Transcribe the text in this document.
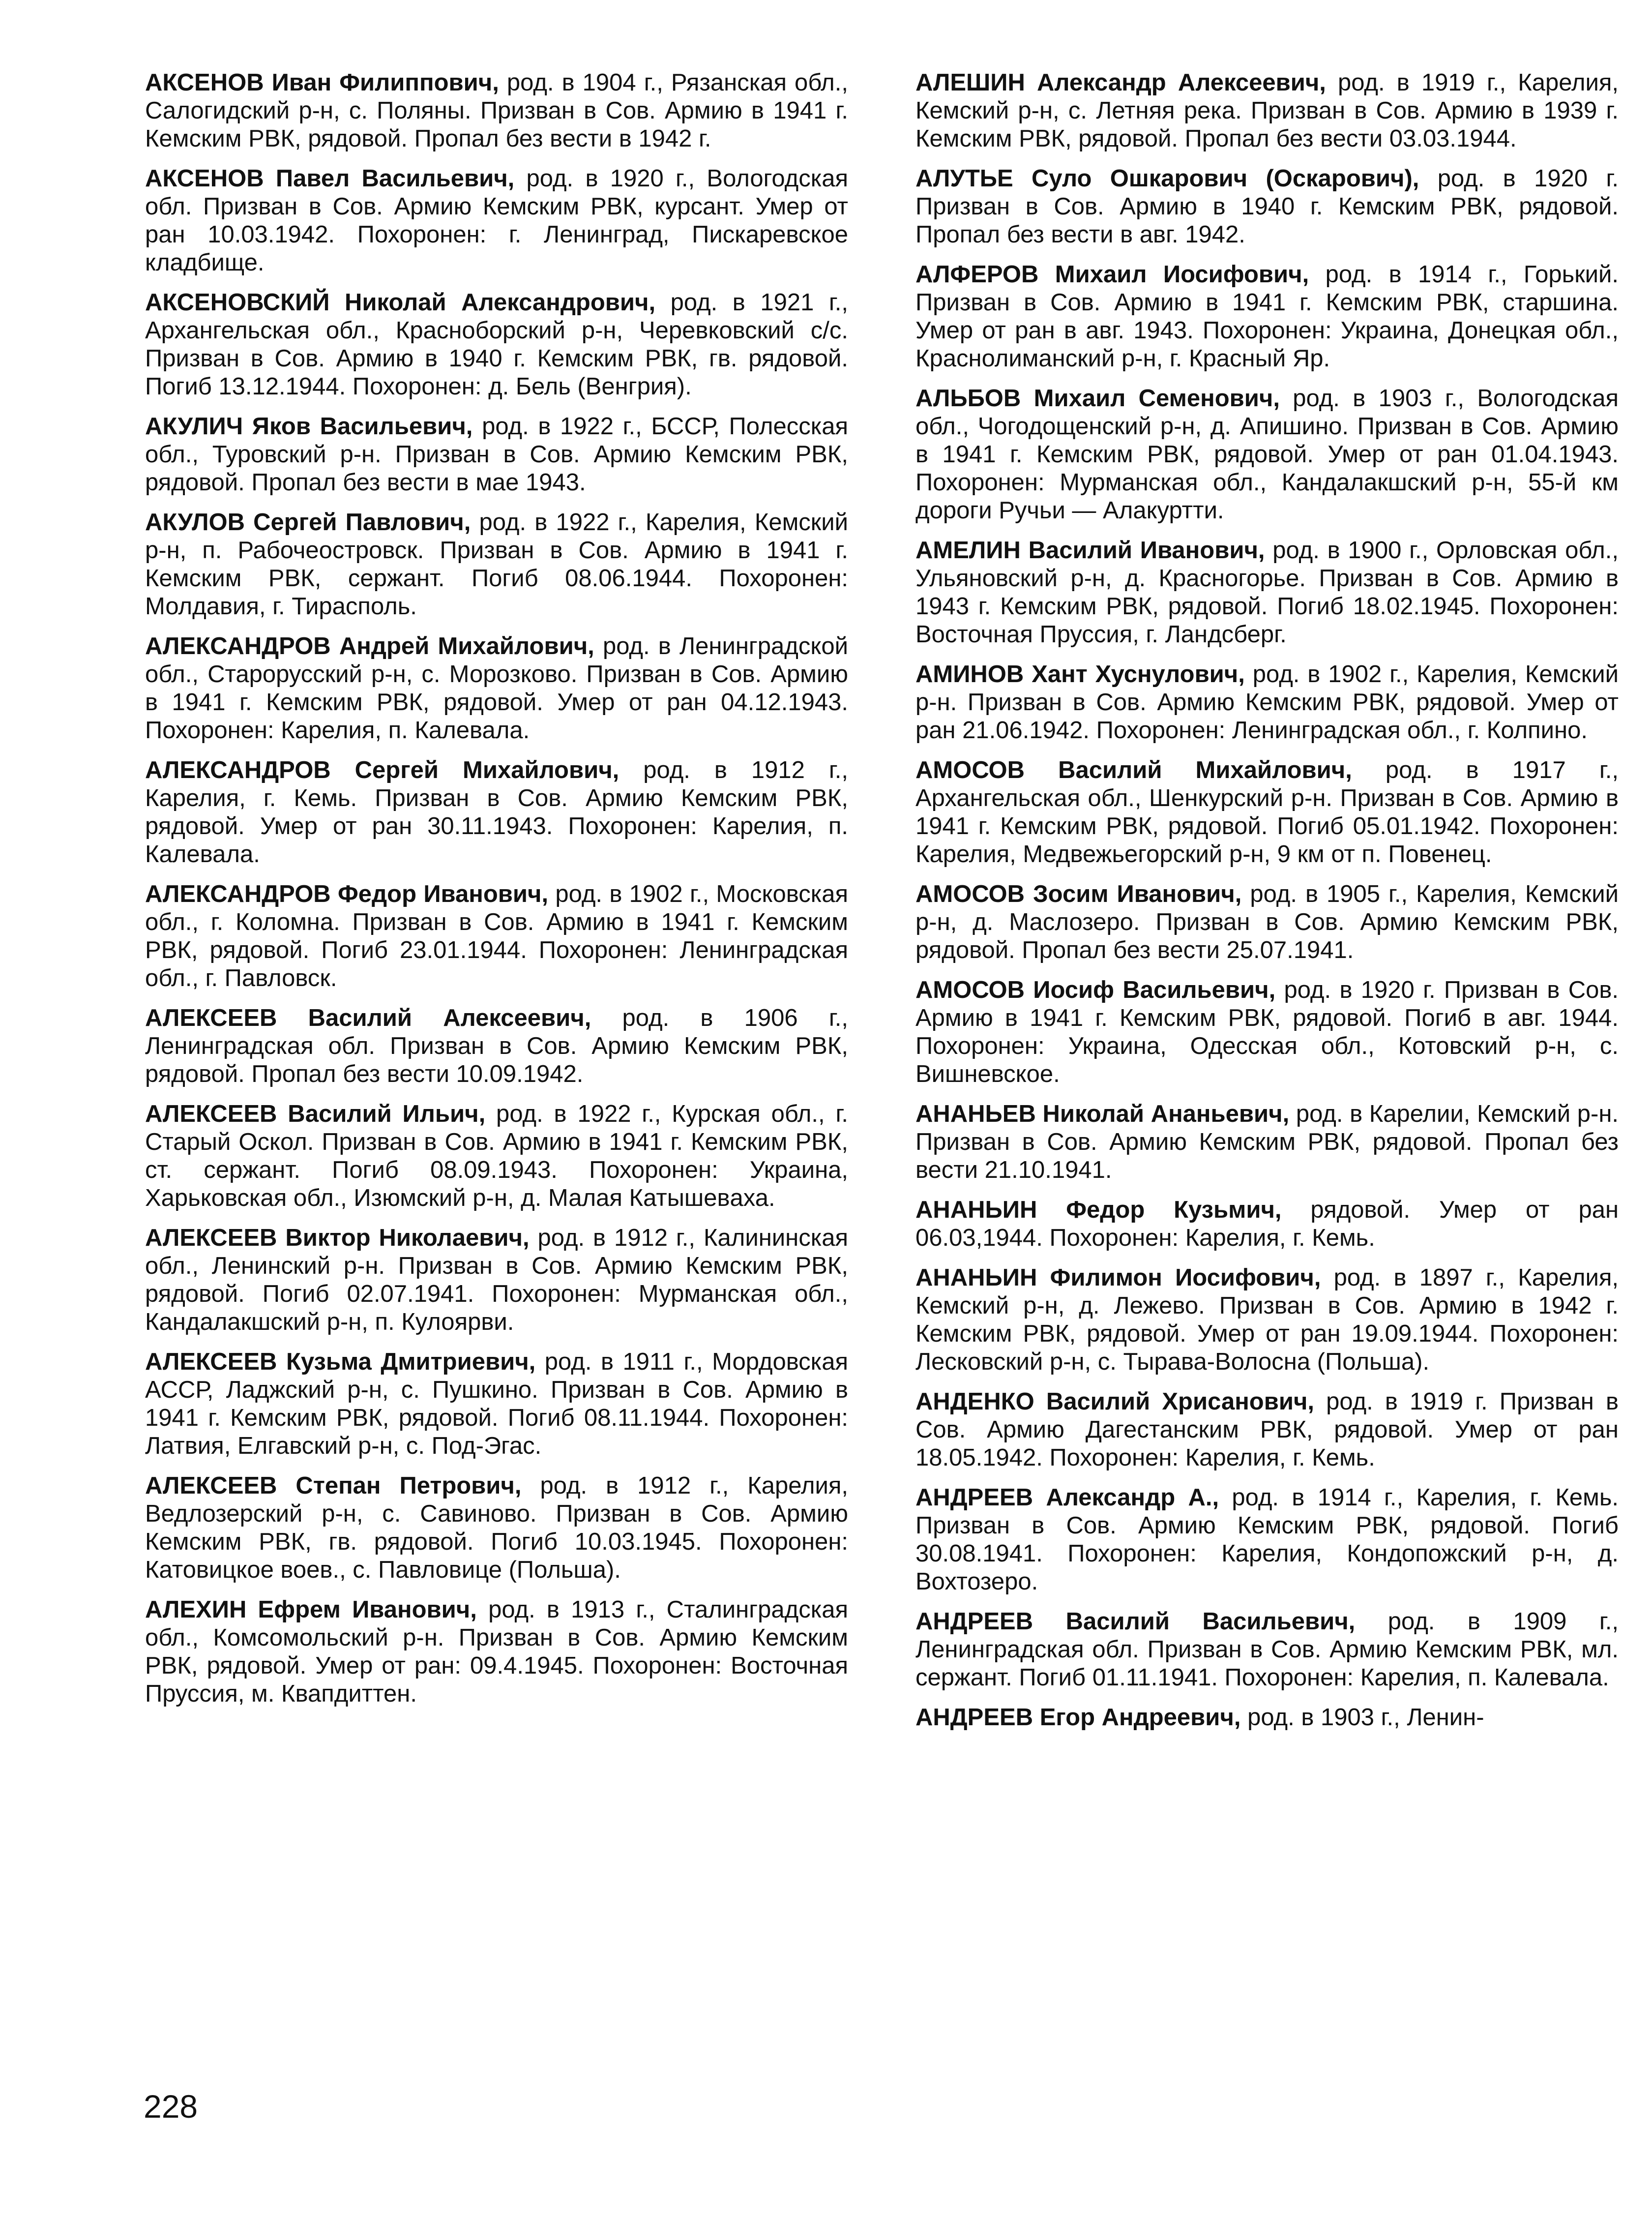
АКСЕНОВ Иван Филиппович, род. в 1904 г., Рязанская обл., Салогидский р-н, с. Поляны. Призван в Сов. Армию в 1941 г. Кемским РВК, рядовой. Пропал без вести в 1942 г.

АКСЕНОВ Павел Васильевич, род. в 1920 г., Вологодская обл. Призван в Сов. Армию Кемским РВК, курсант. Умер от ран 10.03.1942. Похоронен: г. Ленинград, Пискаревское кладбище.

АКСЕНОВСКИЙ Николай Александрович, род. в 1921 г., Архангельская обл., Красноборский р-н, Черевковский с/с. Призван в Сов. Армию в 1940 г. Кемским РВК, гв. рядовой. Погиб 13.12.1944. Похоронен: д. Бель (Венгрия).

АКУЛИЧ Яков Васильевич, род. в 1922 г., БССР, Полесская обл., Туровский р-н. Призван в Сов. Армию Кемским РВК, рядовой. Пропал без вести в мае 1943.

АКУЛОВ Сергей Павлович, род. в 1922 г., Карелия, Кемский р-н, п. Рабочеостровск. Призван в Сов. Армию в 1941 г. Кемским РВК, сержант. Погиб 08.06.1944. Похоронен: Молдавия, г. Тирасполь.

АЛЕКСАНДРОВ Андрей Михайлович, род. в Ленинградской обл., Старорусский р-н, с. Морозково. Призван в Сов. Армию в 1941 г. Кемским РВК, рядовой. Умер от ран 04.12.1943. Похоронен: Карелия, п. Калевала.

АЛЕКСАНДРОВ Сергей Михайлович, род. в 1912 г., Карелия, г. Кемь. Призван в Сов. Армию Кемским РВК, рядовой. Умер от ран 30.11.1943. Похоронен: Карелия, п. Калевала.

АЛЕКСАНДРОВ Федор Иванович, род. в 1902 г., Московская обл., г. Коломна. Призван в Сов. Армию в 1941 г. Кемским РВК, рядовой. Погиб 23.01.1944. Похоронен: Ленинградская обл., г. Павловск.

АЛЕКСЕЕВ Василий Алексеевич, род. в 1906 г., Ленинградская обл. Призван в Сов. Армию Кемским РВК, рядовой. Пропал без вести 10.09.1942.

АЛЕКСЕЕВ Василий Ильич, род. в 1922 г., Курская обл., г. Старый Оскол. Призван в Сов. Армию в 1941 г. Кемским РВК, ст. сержант. Погиб 08.09.1943. Похоронен: Украина, Харьковская обл., Изюмский р-н, д. Малая Катышевaха.

АЛЕКСЕЕВ Виктор Николаевич, род. в 1912 г., Калининская обл., Ленинский р-н. Призван в Сов. Армию Кемским РВК, рядовой. Погиб 02.07.1941. Похоронен: Мурманская обл., Кандалакшский р-н, п. Кулоярви.

АЛЕКСЕЕВ Кузьма Дмитриевич, род. в 1911 г., Мордовская АССР, Ладжский р-н, с. Пушкино. Призван в Сов. Армию в 1941 г. Кемским РВК, рядовой. Погиб 08.11.1944. Похоронен: Латвия, Елгавский р-н, с. Под-Эгас.

АЛЕКСЕЕВ Степан Петрович, род. в 1912 г., Карелия, Ведлозерский р-н, с. Савиново. Призван в Сов. Армию Кемским РВК, гв. рядовой. Погиб 10.03.1945. Похоронен: Катовицкое воев., с. Павловице (Польша).

АЛЕХИН Ефрем Иванович, род. в 1913 г., Сталинградская обл., Комсомольский р-н. Призван в Сов. Армию Кемским РВК, рядовой. Умер от ран: 09.4.1945. Похоронен: Восточная Пруссия, м. Квапдиттен.

АЛЕШИН Александр Алексеевич, род. в 1919 г., Карелия, Кемский р-н, с. Летняя река. Призван в Сов. Армию в 1939 г. Кемским РВК, рядовой. Пропал без вести 03.03.1944.

АЛУТЬЕ Суло Ошкарович (Оскарович), род. в 1920 г. Призван в Сов. Армию в 1940 г. Кемским РВК, рядовой. Пропал без вести в авг. 1942.

АЛФЕРОВ Михаил Иосифович, род. в 1914 г., Горький. Призван в Сов. Армию в 1941 г. Кемским РВК, старшина. Умер от ран в авг. 1943. Похоронен: Украина, Донецкая обл., Краснолиманский р-н, г. Красный Яр.

АЛЬБОВ Михаил Семенович, род. в 1903 г., Вологодская обл., Чогодощенский р-н, д. Апишино. Призван в Сов. Армию в 1941 г. Кемским РВК, рядовой. Умер от ран 01.04.1943. Похоронен: Мурманская обл., Кандалакшский р-н, 55-й км дороги Ручьи — Алакуртти.

АМЕЛИН Василий Иванович, род. в 1900 г., Орловская обл., Ульяновский р-н, д. Красногорье. Призван в Сов. Армию в 1943 г. Кемским РВК, рядовой. Погиб 18.02.1945. Похоронен: Восточная Пруссия, г. Ландсберг.

АМИНОВ Хант Хуснулович, род. в 1902 г., Карелия, Кемский р-н. Призван в Сов. Армию Кемским РВК, рядовой. Умер от ран 21.06.1942. Похоронен: Ленинградская обл., г. Колпино.

АМОСОВ Василий Михайлович, род. в 1917 г., Архангельская обл., Шенкурский р-н. Призван в Сов. Армию в 1941 г. Кемским РВК, рядовой. Погиб 05.01.1942. Похоронен: Карелия, Медвежьегорский р-н, 9 км от п. Повенец.

АМОСОВ Зосим Иванович, род. в 1905 г., Карелия, Кемский р-н, д. Маслозеро. Призван в Сов. Армию Кемским РВК, рядовой. Пропал без вести 25.07.1941.

АМОСОВ Иосиф Васильевич, род. в 1920 г. Призван в Сов. Армию в 1941 г. Кемским РВК, рядовой. Погиб в авг. 1944. Похоронен: Украина, Одесская обл., Котовский р-н, с. Вишневское.

АНАНЬЕВ Николай Ананьевич, род. в Карелии, Кемский р-н. Призван в Сов. Армию Кемским РВК, рядовой. Пропал без вести 21.10.1941.

АНАНЬИН Федор Кузьмич, рядовой. Умер от ран 06.03,1944. Похоронен: Карелия, г. Кемь.

АНАНЬИН Филимон Иосифович, род. в 1897 г., Карелия, Кемский р-н, д. Лежево. Призван в Сов. Армию в 1942 г. Кемским РВК, рядовой. Умер от ран 19.09.1944. Похоронен: Лесковский р-н, с. Тырава-Волосна (Польша).

АНДЕНКО Василий Хрисанович, род. в 1919 г. Призван в Сов. Армию Дагестанским РВК, рядовой. Умер от ран 18.05.1942. Похоронен: Карелия, г. Кемь.

АНДРЕЕВ Александр А., род. в 1914 г., Карелия, г. Кемь. Призван в Сов. Армию Кемским РВК, рядовой. Погиб 30.08.1941. Похоронен: Карелия, Кондопожский р-н, д. Вохтозеро.

АНДРЕЕВ Василий Васильевич, род. в 1909 г., Ленинградская обл. Призван в Сов. Армию Кемским РВК, мл. сержант. Погиб 01.11.1941. Похоронен: Карелия, п. Калевала.

АНДРЕЕВ Егор Андреевич, род. в 1903 г., Ленин-

228
